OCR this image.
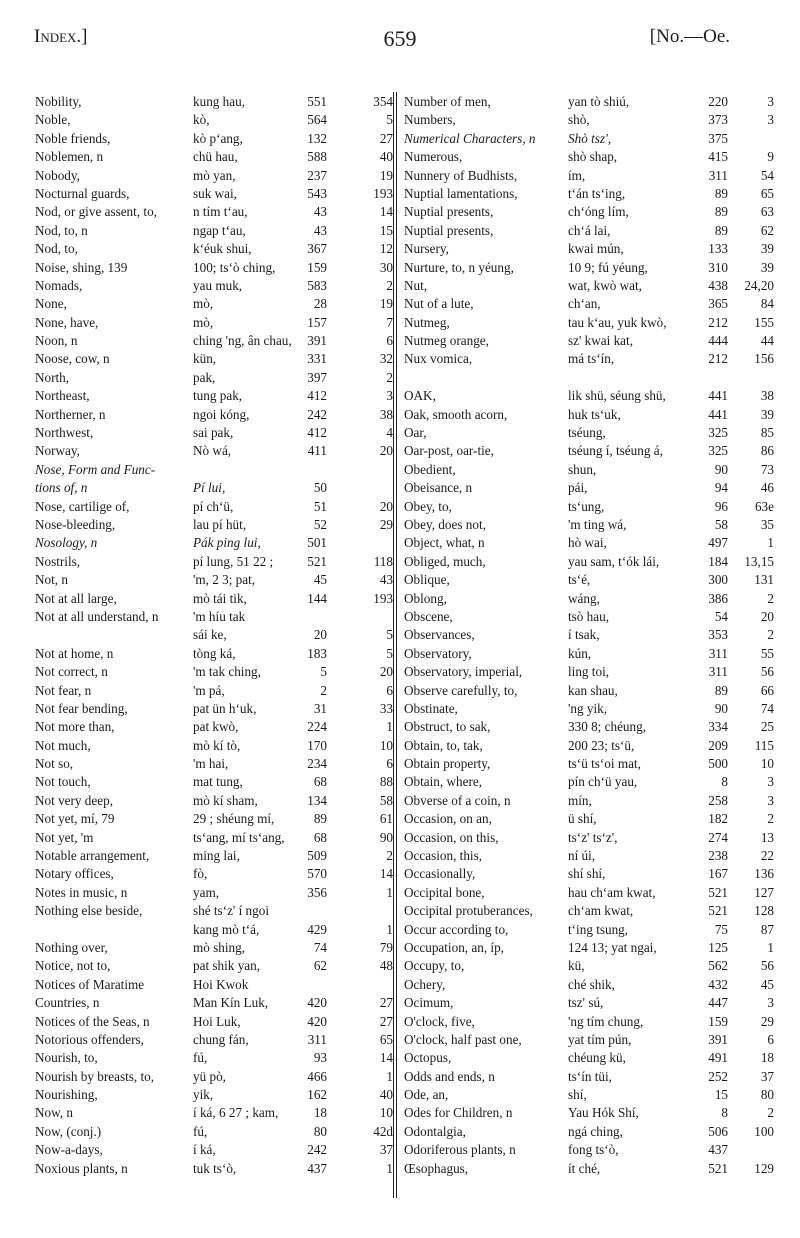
Index.]	659	[No.—Oe.
Nobility,	kung hau,	551	354
Noble,	kò,	564	5
Noble friends,	kò p‘ang,	132	27
Noblemen, n	chü hau,	588	40
Nobody,	mò yan,	237	19
Nocturnal guards,	suk wai,	543	193
Nod, or give assent, to,	n tím t‘au,	43	14
Nod, to, n	ngap t‘au,	43	15
Nod, to,	k‘éuk shui,	367	12
Noise, shing, 139	100; ts‘ò ching,	159	30
Nomads,	yau muk,	583	2
None,	mò,	28	19
None, have,	mò,	157	7
Noon, n	ching 'ng, ân chau,	391	6
Noose, cow, n	kün,	331	32
North,	pak,	397	2
Northeast,	tung pak,	412	3
Northerner, n	ngoi kóng,	242	38
Northwest,	sai pak,	412	4
Norway,	Nò wá,	411	20
Nose, Form and Func-
tions of, n	Pí lui,	50
Nose, cartilige of,	pí ch‘ü,	51	20
Nose-bleeding,	lau pí hüt,	52	29
Nosology, n	Pák ping lui,	501
Nostrils,	pí lung, 51 22 ;	521	118
Not, n	'm, 2 3; pat,	45	43
Not at all large,	mò tái tik,	144	193
Not at all understand, n	'm híu tak
sái ke,	20	5
Not at home, n	tòng ká,	183	5
Not correct, n	'm tak ching,	5	20
Not fear, n	'm pá,	2	6
Not fear bending,	pat ün h‘uk,	31	33
Not more than,	pat kwò,	224	1
Not much,	mò kí tò,	170	10
Not so,	'm hai,	234	6
Not touch,	mat tung,	68	88
Not very deep,	mò kí sham,	134	58
Not yet, mí, 79	29 ; shéung mí,	89	61
Not yet, 'm	ts‘ang, mí ts‘ang,	68	90
Notable arrangement,	ming lai,	509	2
Notary offices,	fò,	570	14
Notes in music, n	yam,	356	1
Nothing else beside,	shé ts‘z' í ngoi
kang mò t‘á,	429	1
Nothing over,	mò shing,	74	79
Notice, not to,	pat shik yan,	62	48
Notices of Maratime	Hoi Kwok
Countries, n	Man Kín Luk,	420	27
Notices of the Seas, n	Hoi Luk,	420	27
Notorious offenders,	chung fán,	311	65
Nourish, to,	fú,	93	14
Nourish by breasts, to,	yü pò,	466	1
Nourishing,	yik,	162	40
Now, n	í ká, 6 27 ; kam,	18	10
Now, (conj.)	fú,	80	42d
Now-a-days,	í ká,	242	37
Noxious plants, n	tuk ts‘ò,	437	1
Number of men,	yan tò shiú,	220	3
Numbers,	shò,	373	3
Numerical Characters, n Shò tsz',	375
Numerous,	shò shap,	415	9
Nunnery of Budhists,	ím,	311	54
Nuptial lamentations,	t‘án ts‘ing,	89	65
Nuptial presents,	ch‘óng lím,	89	63
Nuptial presents,	ch‘á lai,	89	62
Nursery,	kwai mún,	133	39
Nurture, to, n yéung,	10 9; fú yéung,	310	39
Nut,	wat, kwò wat,	438	24,20
Nut of a lute,	ch‘an,	365	84
Nutmeg,	tau k‘au, yuk kwò,	212	155
Nutmeg orange,	sz' kwai kat,	444	44
Nux vomica,	má ts‘ín,	212	156
OAK,	lik shü, séung shü,	441	38
Oak, smooth acorn,	huk ts‘uk,	441	39
Oar,	tséung,	325	85
Oar-post, oar-tie,	tséung í, tséung á,	325	86
Obedient,	shun,	90	73
Obeisance, n	pái,	94	46
Obey, to,	ts‘ung,	96	63e
Obey, does not,	'm ting wá,	58	35
Object, what, n	hò wai,	497	1
Obliged, much,	yau sam, t‘ók lái,	184	13,15
Oblique,	ts‘é,	300	131
Oblong,	wáng,	386	2
Obscene,	tsò hau,	54	20
Observances,	í tsak,	353	2
Observatory,	kún,	311	55
Observatory, imperial,	ling toi,	311	56
Observe carefully, to,	kan shau,	89	66
Obstinate,	'ng yik,	90	74
Obstruct, to sak,	330 8; chéung,	334	25
Obtain, to, tak,	200 23; ts‘ü,	209	115
Obtain property,	ts‘ü ts‘oi mat,	500	10
Obtain, where,	pín ch‘ü yau,	8	3
Obverse of a coin, n	mín,	258	3
Occasion, on an,	ü shí,	182	2
Occasion, on this,	ts‘z' ts‘z',	274	13
Occasion, this,	ní úi,	238	22
Occasionally,	shí shí,	167	136
Occipital bone,	hau ch‘am kwat,	521	127
Occipital protuberances,	ch‘am kwat,	521	128
Occur according to,	t‘ing tsung,	75	87
Occupation, an, íp,	124 13; yat ngai,	125	1
Occupy, to,	kü,	562	56
Ochery,	ché shik,	432	45
Ocimum,	tsz' sú,	447	3
O'clock, five,	'ng tím chung,	159	29
O'clock, half past one,	yat tím pún,	391	6
Octopus,	chéung kü,	491	18
Odds and ends, n	ts‘ín tüi,	252	37
Ode, an,	shí,	15	80
Odes for Children, n	Yau Hók Shí,	8	2
Odontalgia,	ngá ching,	506	100
Odoriferous plants, n	fong ts‘ò,	437
Œsophagus,	ít ché,	521	129
